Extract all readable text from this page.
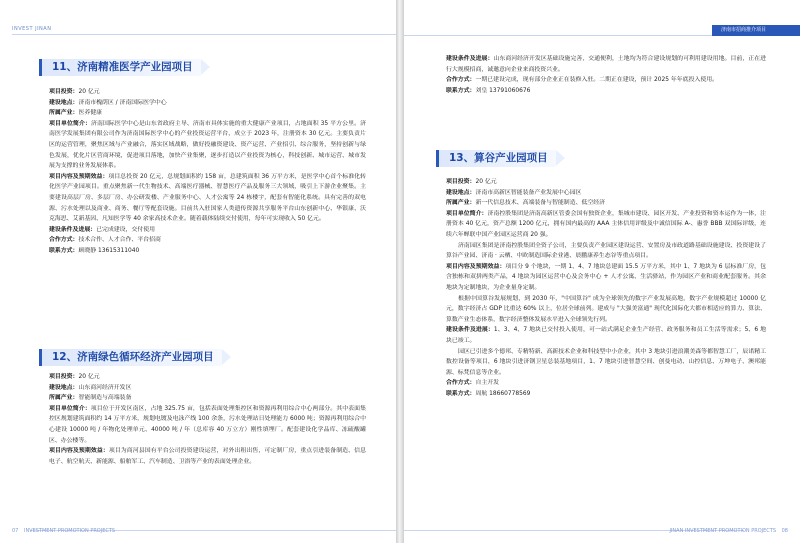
INVEST JINAN
11、济南精准医学产业园项目

项目投资：20 亿元

建设地点：济南市槐荫区 / 济南国际医学中心

所属产业：医养健康

项目单位简介：济南国际医学中心是山东省政府主导、济南市具体实施的重大健康产业项目，占地面积 35 平方公里。济南医学发展集团有限公司作为济南国际医学中心的产业投资运营平台，成立于 2023 年，注册资本 30 亿元。主要负责片区的运营管理，聚焦区域与产业融合，落实区域战略，做好投融资建设、资产运营、产业招引、综合服务，坚持创新与绿色发展，优化片区营商环境，促进项目落地，加快产业集聚，逐步打造以产业投资为核心，科技创新、城市运营、城市发展为支撑的业务发展体系。

项目内容及预期效益：项目总投资 20 亿元，总规划面积约 158 亩，总建筑面积 36 万平方米，是医学中心首个标准化转化医学产业园项目。重点聚焦新一代生物技术、高端医疗器械、智慧医疗产品及服务三大领域，吸引上下游企业聚集。主要建设高层厂房、多层厂房、办公研发楼、产业服务中心、人才公寓等 24 栋楼宇，配套有智能化系统。具有完善的双电源、污水处理以及商业、商务、餐厅等配套设施。目前共入驻国家人类遗传资源共享服务平台山东创新中心、华银康、沃克海思、艾新基因、凡知医学等 40 余家高技术企业。随着载体陆续交付使用，每年可实现收入 50 亿元。

建设条件及进展：已完成建设，交付使用

合作方式：技术合作、人才合作、平台招商

联系方式：顾晓静 13615311040

12、济南绿色循环经济产业园项目

项目投资：20 亿元

建设地点：山东商河经济开发区

所属产业：智能制造与高端装备

项目单位简介：项目位于开发区南区，占地 325.75 亩，包括表面处理集控区和资源再利用综合中心两部分。其中表面集控区规划建筑面积约 14 万平方米，规划电镀及电泳产线 100 余条，污水处理站日处理能力 6000 吨；资源再利用综合中心建设 10000 吨 / 年物化处理单元、40000 吨 / 年（总库容 40 万立方）刚性填埋厂。配套建设化学品库、冻硫酸罐区、办公楼等。

项目内容及预期效益：项目为商河县国有平台公司投资建设运营，对外出租出售，可定制厂房，重点引进装备制造、信息电子、航空航天、新能源、船舶军工、汽车制造、卫浴等产业的表面处理企业。

07 INVESTMENT PROMOTION PROJECTS
济南市招商推介项目

建设条件及进展：山东商河经济开发区基础设施完善，交通便利，土地均为符合建设规划的可利用建设用地。目前，正在进行大规模招商，诚邀意向企业来商投资兴业。

合作方式：一期已建设完成，现有部分企业正在装修入驻。二期正在建设，预计 2025 年年底投入使用。

联系方式：刘皇 13791060676

13、算谷产业园项目

项目投资：20 亿元

建设地点：济南市高新区智能装备产业发展中心园区

所属产业：新一代信息技术、高端装备与智能制造、低空经济

项目单位简介：济南控股集团是济南高新区管委会国有独资企业，集城市建设、园区开发、产业投资和资本运作为一体，注册资本 40 亿元，资产总额 1200 亿元，拥有国内最高的 AAA 主体信用评级及中诚信国际 A-、惠誉 BBB 双国际评级，连续六年蝉联中国产业园区运营商 20 强。

济南园区集团是济南控股集团全资子公司，主要负责产业园区建设运营、安置房及市政道路基础设施建设、投资建设了算谷产业园、济南 · 云栖、中欧制造国际企业港、晨鹏康养生态谷等重点项目。

项目内容及预期效益：项目分 9 个地块，一期 1、4、7 地块总建面 15.5 万平方米，其中 1、7 地块为 6 层标准厂房，包含独栋和双拼两类产品，4 地块为园区运营中心及会务中心 + 人才公寓、生活驿站，作为园区产业和商业配套服务。其余地块为定制地块，为企业量身定制。

根据中国算谷发展规划，到 2030 年，"中国算谷" 成为全球领先的数字产业发展高地，数字产业规模超过 10000 亿元，数字经济占 GDP 比重达 60% 以上，位居全球前列。建成与 "大强美富通" 现代化国际化大都市相适应的算力、算法、算数产业生态体系，数字经济整体发展水平进入全球领先行列。

建设条件及进展：1、3、4、7 地块已交付投入使用，可一站式满足企业生产经营、政务服务和员工生活等需求；5、6 地块已竣工。

园区已引进多个德邦、专精特新、高新技术企业和科技型中小企业，其中 3 地块引进浪潮美森等都智慧工厂，辰诺精工数控设备等项目，6 地块引进济钢卫星总装基地项目，1、7 地块引进智慧空间、创曼电动、山控信息、万坤电子、澳邦能源、标梵信息等企业。

合作方式：自主开发

联系方式：周航 18660778569

JINAN INVESTMENT PROMOTION PROJECTS 08
